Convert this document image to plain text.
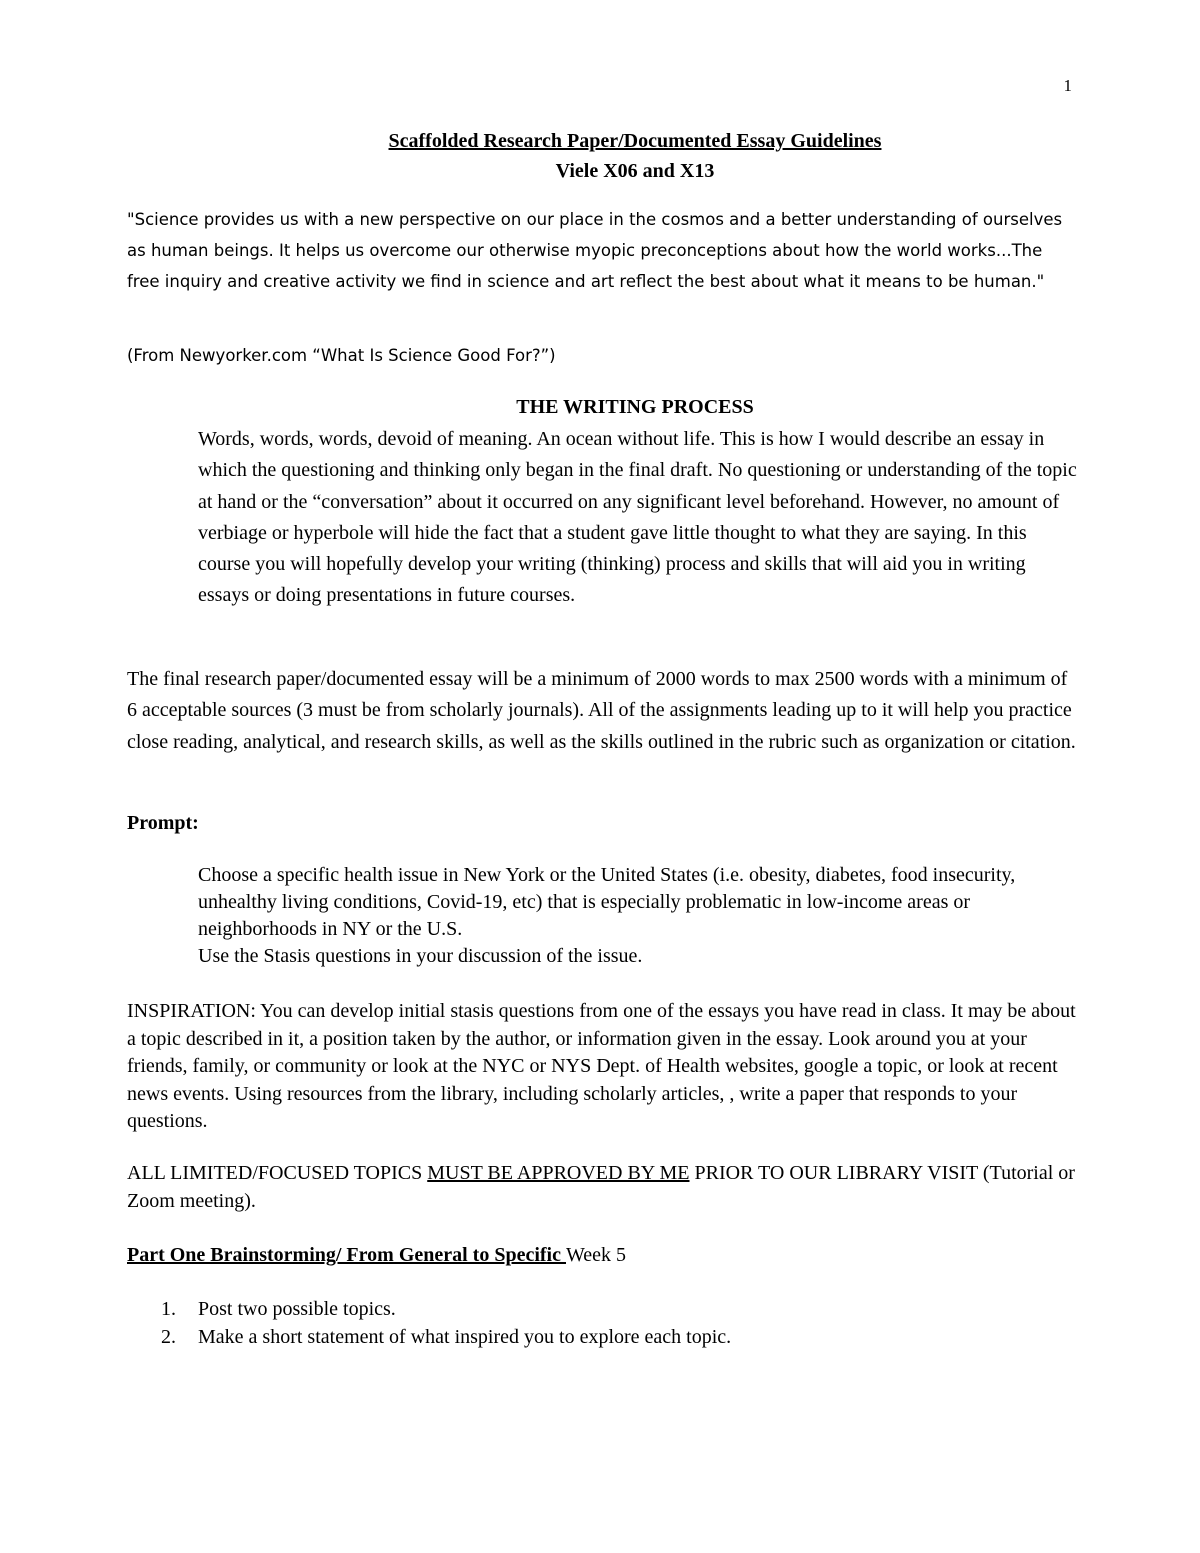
1
Scaffolded Research Paper/Documented Essay Guidelines
Viele X06 and X13
"Science provides us with a new perspective on our place in the cosmos and a better understanding of ourselves as human beings. It helps us overcome our otherwise myopic preconceptions about how the world works...The free inquiry and creative activity we find in science and art reflect the best about what it means to be human."
(From Newyorker.com “What Is Science Good For?”)
THE WRITING PROCESS
Words, words, words, devoid of meaning. An ocean without life. This is how I would describe an essay in which the questioning and thinking only began in the final draft. No questioning or understanding of the topic at hand or the “conversation” about it occurred on any significant level beforehand. However, no amount of verbiage or hyperbole will hide the fact that a student gave little thought to what they are saying. In this course you will hopefully develop your writing (thinking) process and skills that will aid you in writing essays or doing presentations in future courses.
The final research paper/documented essay will be a minimum of 2000 words to max 2500 words with a minimum of 6 acceptable sources (3 must be from scholarly journals). All of the assignments leading up to it will help you practice close reading, analytical, and research skills, as well as the skills outlined in the rubric such as organization or citation.
Prompt:

Choose a specific health issue in New York or the United States (i.e. obesity, diabetes, food insecurity, unhealthy living conditions, Covid-19, etc) that is especially problematic in low-income areas or neighborhoods in NY or the U.S.

Use the Stasis questions in your discussion of the issue.

INSPIRATION: You can develop initial stasis questions from one of the essays you have read in class. It may be about a topic described in it, a position taken by the author, or information given in the essay. Look around you at your friends, family, or community or look at the NYC or NYS Dept. of Health websites, google a topic, or look at recent news events. Using resources from the library, including scholarly articles, , write a paper that responds to your questions.
ALL LIMITED/FOCUSED TOPICS MUST BE APPROVED BY ME PRIOR TO OUR LIBRARY VISIT (Tutorial or Zoom meeting).
Part One Brainstorming/ From General to Specific Week 5
1. Post two possible topics.
2. Make a short statement of what inspired you to explore each topic.
